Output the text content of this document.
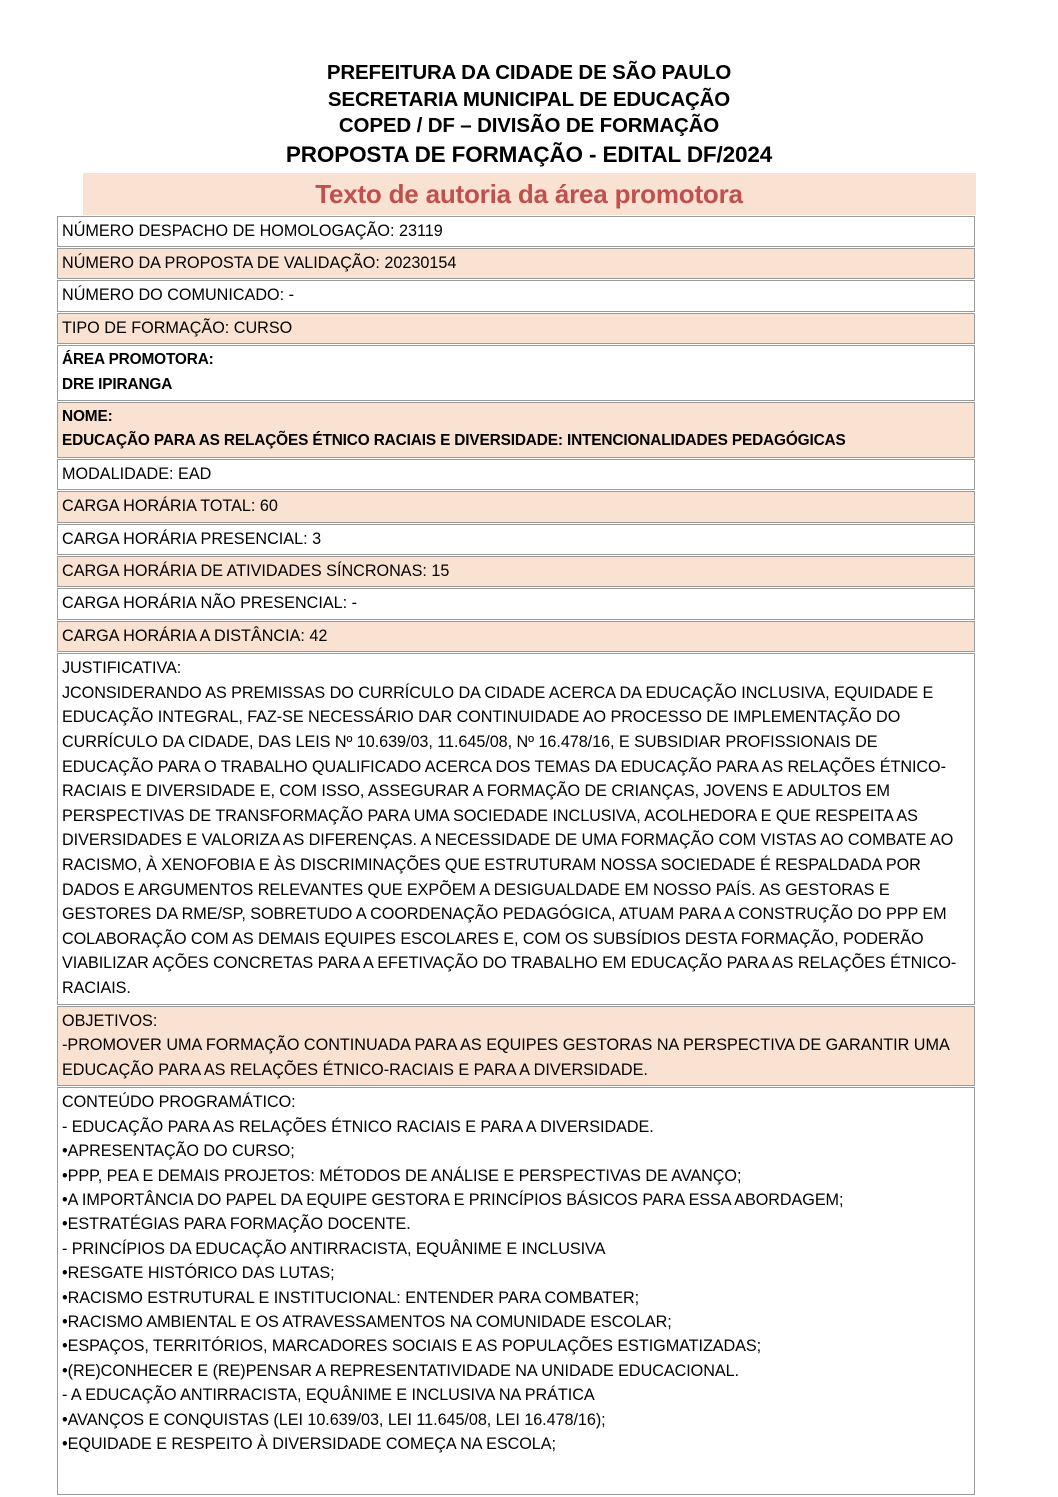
PREFEITURA DA CIDADE DE SÃO PAULO
SECRETARIA MUNICIPAL DE EDUCAÇÃO
COPED / DF – DIVISÃO DE FORMAÇÃO
PROPOSTA DE FORMAÇÃO - EDITAL DF/2024
Texto de autoria da área promotora
NÚMERO DESPACHO DE HOMOLOGAÇÃO: 23119
NÚMERO DA PROPOSTA DE VALIDAÇÃO: 20230154
NÚMERO DO COMUNICADO: -
TIPO DE FORMAÇÃO: CURSO
ÁREA PROMOTORA:
DRE IPIRANGA
NOME:
EDUCAÇÃO PARA AS RELAÇÕES ÉTNICO RACIAIS E DIVERSIDADE: INTENCIONALIDADES PEDAGÓGICAS
MODALIDADE: EAD
CARGA HORÁRIA TOTAL: 60
CARGA HORÁRIA PRESENCIAL: 3
CARGA HORÁRIA DE ATIVIDADES SÍNCRONAS: 15
CARGA HORÁRIA NÃO PRESENCIAL: -
CARGA HORÁRIA A DISTÂNCIA: 42
JUSTIFICATIVA:
JCONSIDERANDO AS PREMISSAS DO CURRÍCULO DA CIDADE ACERCA DA EDUCAÇÃO INCLUSIVA, EQUIDADE E
EDUCAÇÃO INTEGRAL, FAZ-SE NECESSÁRIO DAR CONTINUIDADE AO PROCESSO DE IMPLEMENTAÇÃO DO
CURRÍCULO DA CIDADE, DAS LEIS Nº 10.639/03, 11.645/08, Nº 16.478/16, E SUBSIDIAR PROFISSIONAIS DE
EDUCAÇÃO PARA O TRABALHO QUALIFICADO ACERCA DOS TEMAS DA EDUCAÇÃO PARA AS RELAÇÕES ÉTNICO-
RACIAIS E DIVERSIDADE E, COM ISSO, ASSEGURAR A FORMAÇÃO DE CRIANÇAS, JOVENS E ADULTOS EM
PERSPECTIVAS DE TRANSFORMAÇÃO PARA UMA SOCIEDADE INCLUSIVA, ACOLHEDORA E QUE RESPEITA AS
DIVERSIDADES E VALORIZA AS DIFERENÇAS. A NECESSIDADE DE UMA FORMAÇÃO COM VISTAS AO COMBATE AO
RACISMO, À XENOFOBIA E ÀS DISCRIMINAÇÕES QUE ESTRUTURAM NOSSA SOCIEDADE É RESPALDADA POR
DADOS E ARGUMENTOS RELEVANTES QUE EXPÕEM A DESIGUALDADE EM NOSSO PAÍS. AS GESTORAS E
GESTORES DA RME/SP, SOBRETUDO A COORDENAÇÃO PEDAGÓGICA, ATUAM PARA A CONSTRUÇÃO DO PPP EM
COLABORAÇÃO COM AS DEMAIS EQUIPES ESCOLARES E, COM OS SUBSÍDIOS DESTA FORMAÇÃO, PODERÃO
VIABILIZAR AÇÕES CONCRETAS PARA A EFETIVAÇÃO DO TRABALHO EM EDUCAÇÃO PARA AS RELAÇÕES ÉTNICO-
RACIAIS.
OBJETIVOS:
-PROMOVER UMA FORMAÇÃO CONTINUADA PARA AS EQUIPES GESTORAS NA PERSPECTIVA DE GARANTIR UMA
EDUCAÇÃO PARA AS RELAÇÕES ÉTNICO-RACIAIS E PARA A DIVERSIDADE.
CONTEÚDO PROGRAMÁTICO:
- EDUCAÇÃO PARA AS RELAÇÕES ÉTNICO RACIAIS E PARA A DIVERSIDADE.
•APRESENTAÇÃO DO CURSO;
•PPP, PEA E DEMAIS PROJETOS: MÉTODOS DE ANÁLISE E PERSPECTIVAS DE AVANÇO;
•A IMPORTÂNCIA DO PAPEL DA EQUIPE GESTORA E PRINCÍPIOS BÁSICOS PARA ESSA ABORDAGEM;
•ESTRATÉGIAS PARA FORMAÇÃO DOCENTE.
- PRINCÍPIOS DA EDUCAÇÃO ANTIRRACISTA, EQUÂNIME E INCLUSIVA
•RESGATE HISTÓRICO DAS LUTAS;
•RACISMO ESTRUTURAL E INSTITUCIONAL: ENTENDER PARA COMBATER;
•RACISMO AMBIENTAL E OS ATRAVESSAMENTOS NA COMUNIDADE ESCOLAR;
•ESPAÇOS, TERRITÓRIOS, MARCADORES SOCIAIS E AS POPULAÇÕES ESTIGMATIZADAS;
•(RE)CONHECER E (RE)PENSAR A REPRESENTATIVIDADE NA UNIDADE EDUCACIONAL.
- A EDUCAÇÃO ANTIRRACISTA, EQUÂNIME E INCLUSIVA NA PRÁTICA
•AVANÇOS E CONQUISTAS (LEI 10.639/03, LEI 11.645/08, LEI 16.478/16);
•EQUIDADE E RESPEITO À DIVERSIDADE COMEÇA NA ESCOLA;
